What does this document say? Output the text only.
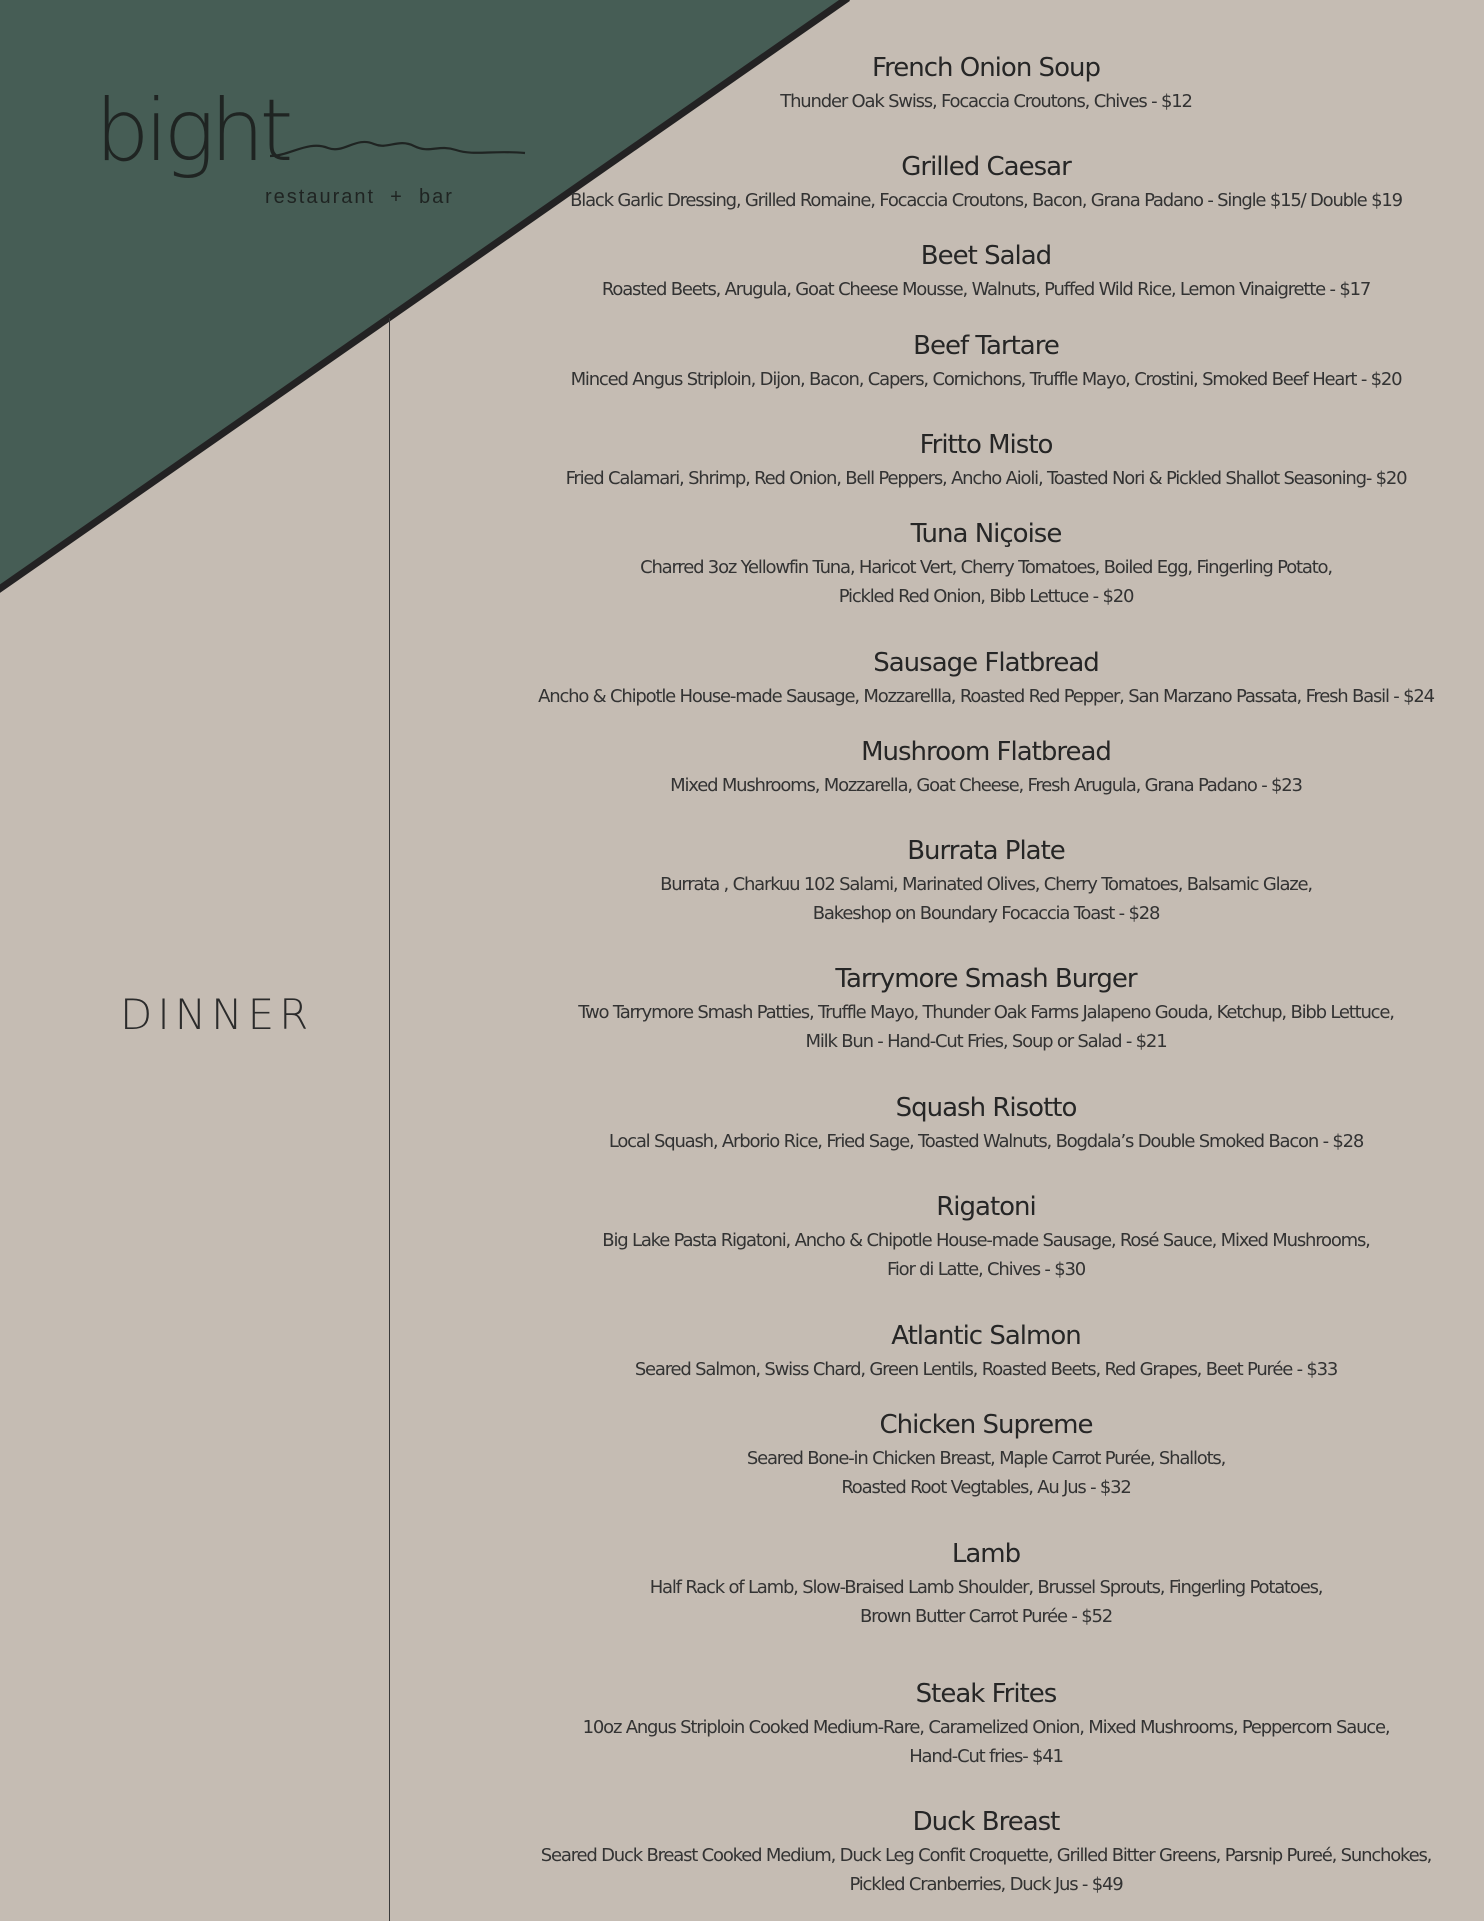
bight
restaurant  +  bar
DINNER
French Onion Soup
Thunder Oak Swiss, Focaccia Croutons, Chives - $12
Grilled Caesar
Black Garlic Dressing, Grilled Romaine, Focaccia Croutons, Bacon, Grana Padano - Single $15/ Double $19
Beet Salad
Roasted Beets, Arugula, Goat Cheese Mousse, Walnuts, Puffed Wild Rice, Lemon Vinaigrette - $17
Beef Tartare
Minced Angus Striploin, Dijon, Bacon, Capers, Cornichons, Truffle Mayo, Crostini, Smoked Beef Heart - $20
Fritto Misto
Fried Calamari, Shrimp, Red Onion, Bell Peppers, Ancho Aioli, Toasted Nori & Pickled Shallot Seasoning- $20
Tuna Niçoise
Charred 3oz Yellowfin Tuna, Haricot Vert, Cherry Tomatoes, Boiled Egg, Fingerling Potato,
Pickled Red Onion, Bibb Lettuce - $20
Sausage Flatbread
Ancho & Chipotle House-made Sausage, Mozzarellla, Roasted Red Pepper, San Marzano Passata, Fresh Basil - $24
Mushroom Flatbread
Mixed Mushrooms, Mozzarella, Goat Cheese, Fresh Arugula, Grana Padano - $23
Burrata Plate
Burrata , Charkuu 102 Salami, Marinated Olives, Cherry Tomatoes, Balsamic Glaze,
Bakeshop on Boundary Focaccia Toast - $28
Tarrymore Smash Burger
Two Tarrymore Smash Patties, Truffle Mayo, Thunder Oak Farms Jalapeno Gouda, Ketchup, Bibb Lettuce,
Milk Bun - Hand-Cut Fries, Soup or Salad - $21
Squash Risotto
Local Squash, Arborio Rice, Fried Sage, Toasted Walnuts, Bogdala’s Double Smoked Bacon - $28
Rigatoni
Big Lake Pasta Rigatoni, Ancho & Chipotle House-made Sausage, Rosé Sauce, Mixed Mushrooms,
Fior di Latte, Chives - $30
Atlantic Salmon
Seared Salmon, Swiss Chard, Green Lentils, Roasted Beets, Red Grapes, Beet Purée - $33
Chicken Supreme
Seared Bone-in Chicken Breast, Maple Carrot Purée, Shallots,
Roasted Root Vegtables, Au Jus - $32
Lamb
Half Rack of Lamb, Slow-Braised Lamb Shoulder, Brussel Sprouts, Fingerling Potatoes,
Brown Butter Carrot Purée - $52
Steak Frites
10oz Angus Striploin Cooked Medium-Rare, Caramelized Onion, Mixed Mushrooms, Peppercorn Sauce,
Hand-Cut fries- $41
Duck Breast
Seared Duck Breast Cooked Medium, Duck Leg Confit Croquette, Grilled Bitter Greens, Parsnip Pureé, Sunchokes,
Pickled Cranberries, Duck Jus - $49
